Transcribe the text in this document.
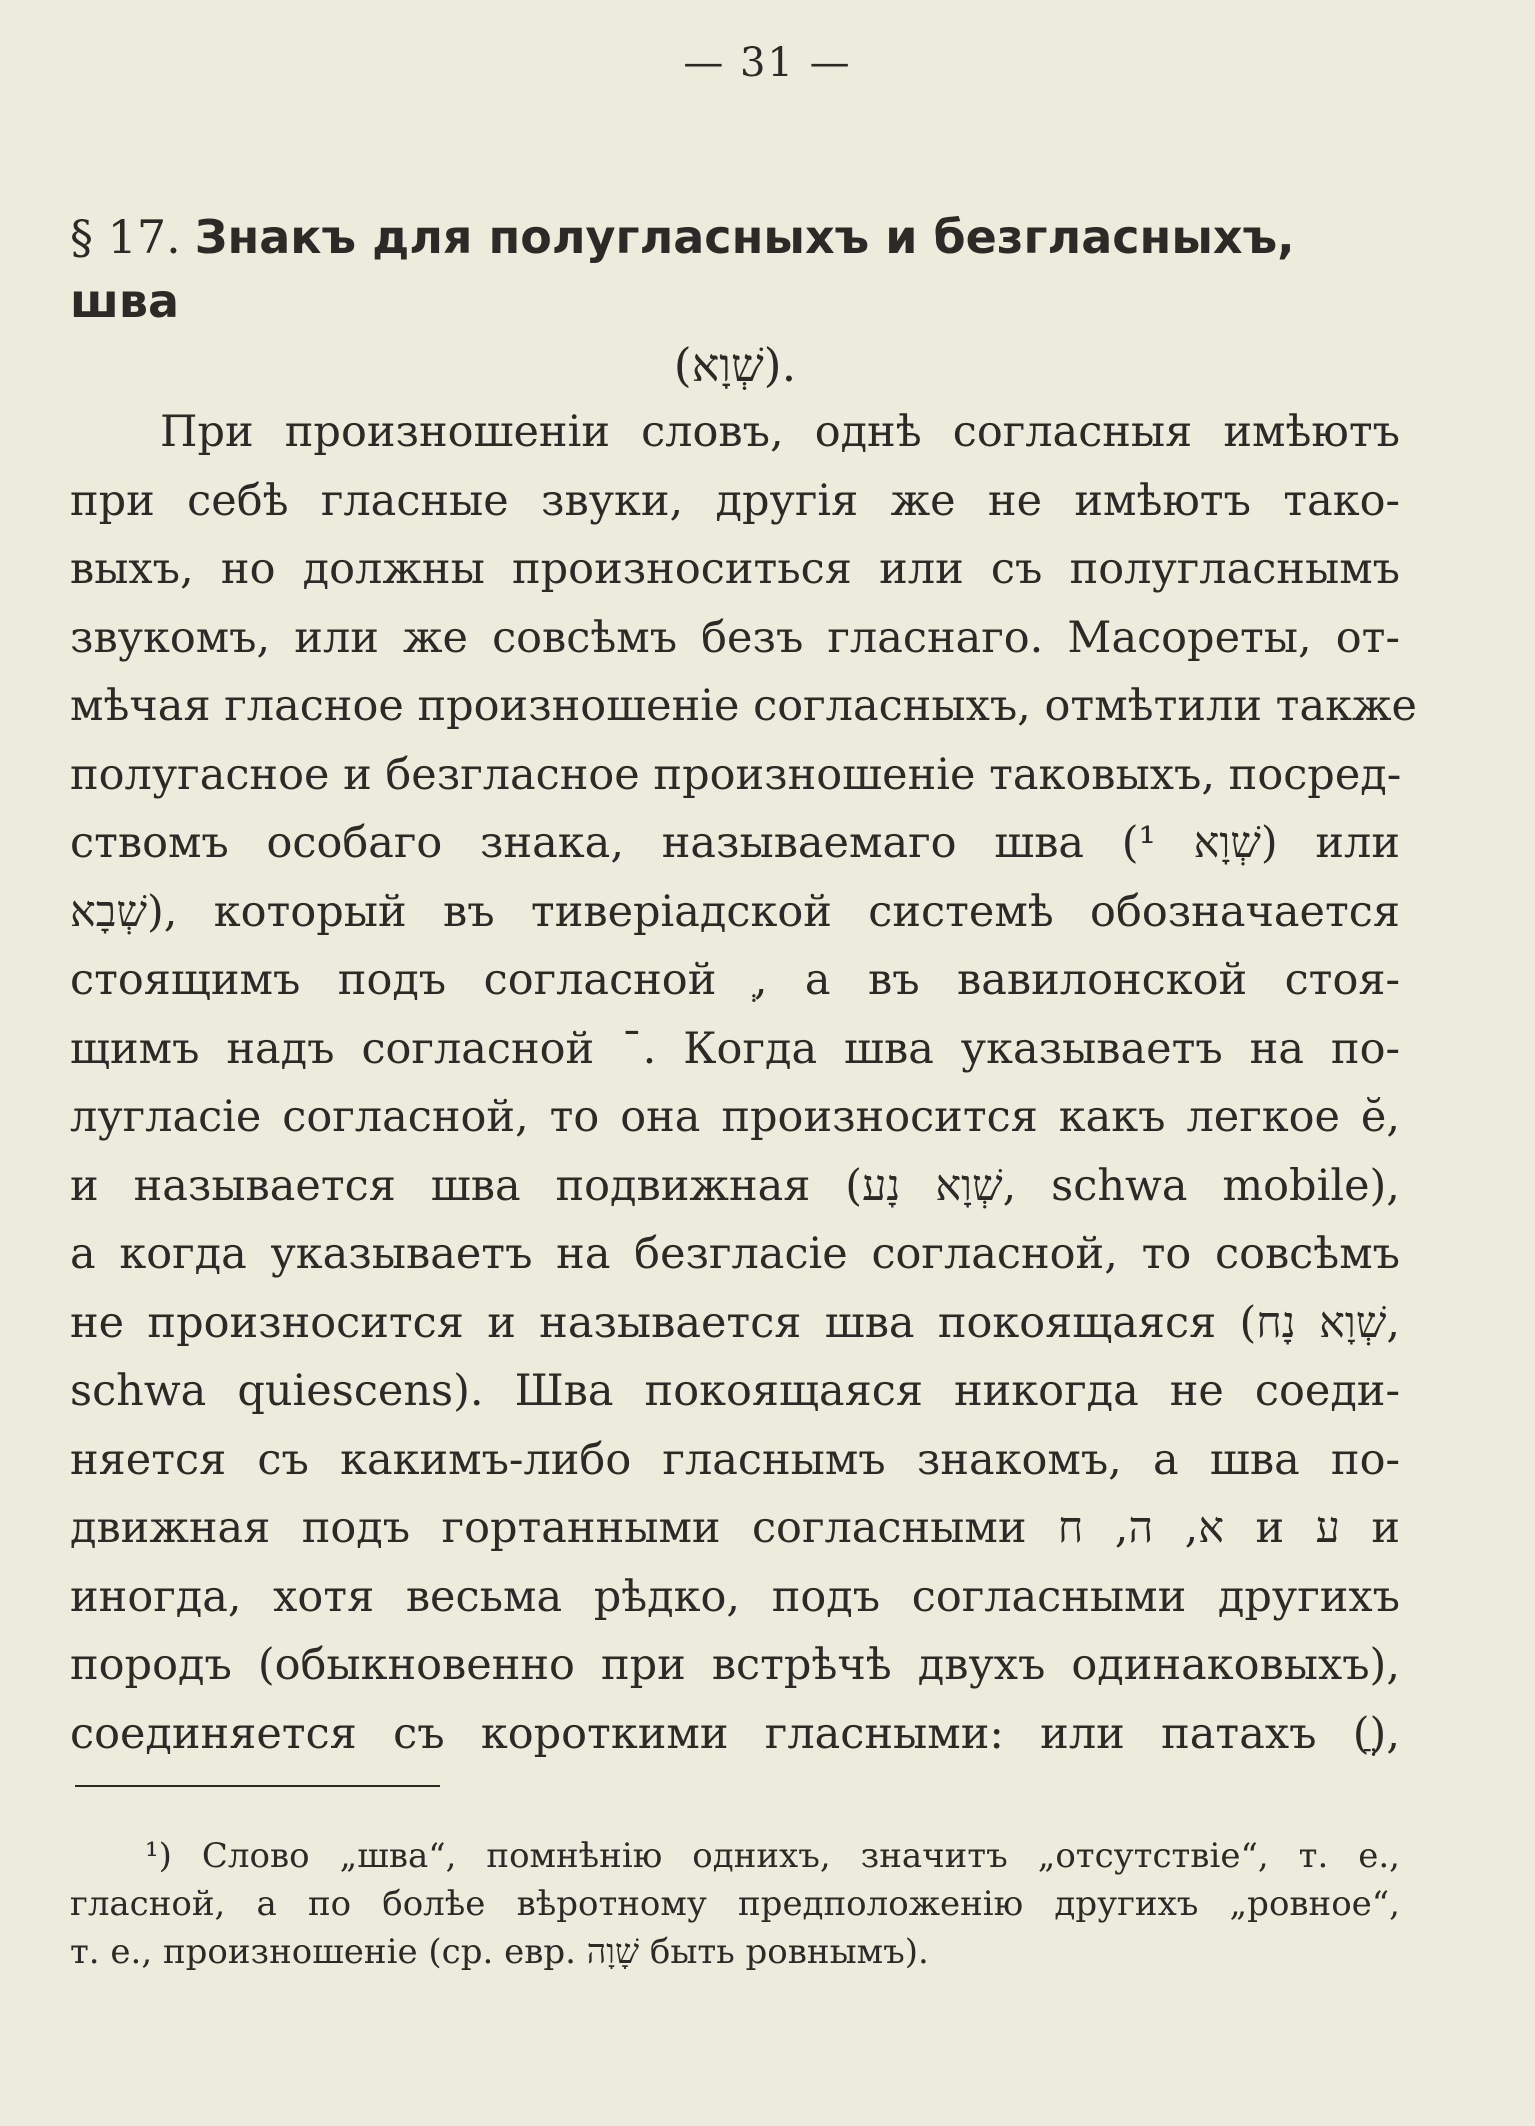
— 31 —
§ 17. Знакъ для полугласныхъ и безгласныхъ, шва
(שְׁוָא).
При произношеніи словъ, однѣ согласныя имѣютъ
при себѣ гласные звуки, другія же не имѣютъ тако-
выхъ, но должны произноситься или съ полугласнымъ
звукомъ, или же совсѣмъ безъ гласнаго. Масореты, от-
мѣчая гласное произношеніе согласныхъ, отмѣтили также
полугасное и безгласное произношеніе таковыхъ, посред-
ствомъ особаго знака, называемаго шва (שְׁוָא ¹) или
שְׁבָא), который въ тиверіадской системѣ обозначается
стоящимъ подъ согласной ְ, а въ вавилонской стоя-
щимъ надъ согласной ¯. Когда шва указываетъ на по-
лугласіе согласной, то она произносится какъ легкое ĕ,
и называется шва подвижная (שְׁוָא נָע, schwa mobile),
а когда указываетъ на безгласіе согласной, то совсѣмъ
не произносится и называется шва покоящаяся (שְׁוָא נָח,
schwa quiescens). Шва покоящаяся никогда не соеди-
няется съ какимъ-либо гласнымъ знакомъ, а шва по-
движная подъ гортанными согласными א, ה, ח и ע и
иногда, хотя весьма рѣдко, подъ согласными другихъ
породъ (обыкновенно при встрѣчѣ двухъ одинаковыхъ),
соединяется съ короткими гласными: или патахъ (ֲ),
¹) Слово „шва“, помнѣнію однихъ, значитъ „отсутствіе“, т. е.,
гласной, а по болѣе вѣротному предположенію другихъ „ровное“,
т. е., произношеніе (ср. евр. שָׁוָה быть ровнымъ).
